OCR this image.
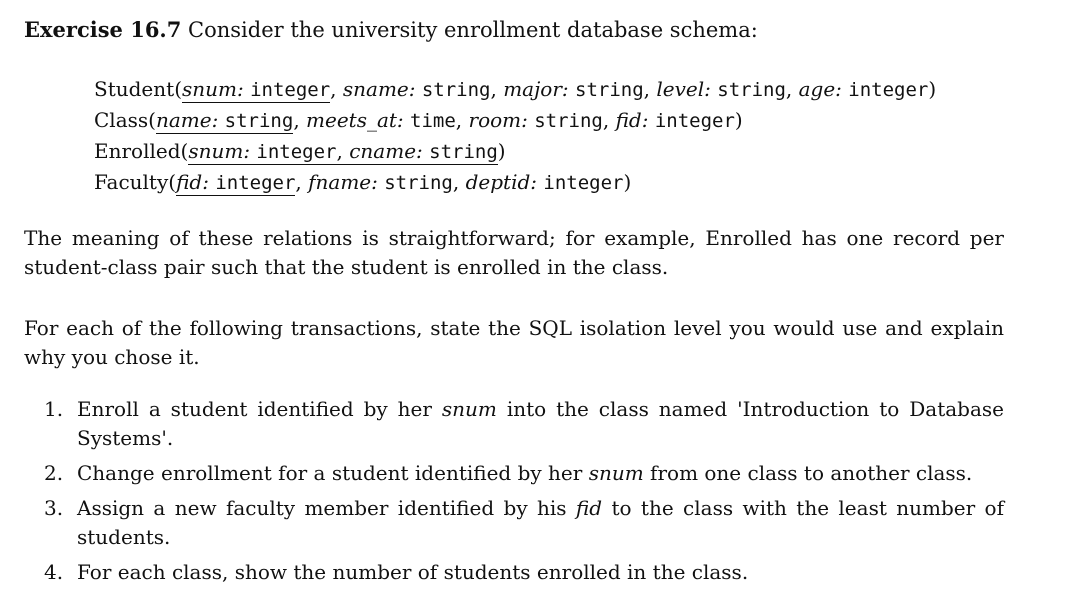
Exercise 16.7 Consider the university enrollment database schema:
Student(snum: integer, sname: string, major: string, level: string, age: integer)
Class(name: string, meets_at: time, room: string, fid: integer)
Enrolled(snum: integer, cname: string)
Faculty(fid: integer, fname: string, deptid: integer)

The meaning of these relations is straightforward; for example, Enrolled has one record per student-class pair such that the student is enrolled in the class.

For each of the following transactions, state the SQL isolation level you would use and explain why you chose it.

1. Enroll a student identified by her snum into the class named 'Introduction to Database Systems'.
2. Change enrollment for a student identified by her snum from one class to another class.
3. Assign a new faculty member identified by his fid to the class with the least number of students.
4. For each class, show the number of students enrolled in the class.
